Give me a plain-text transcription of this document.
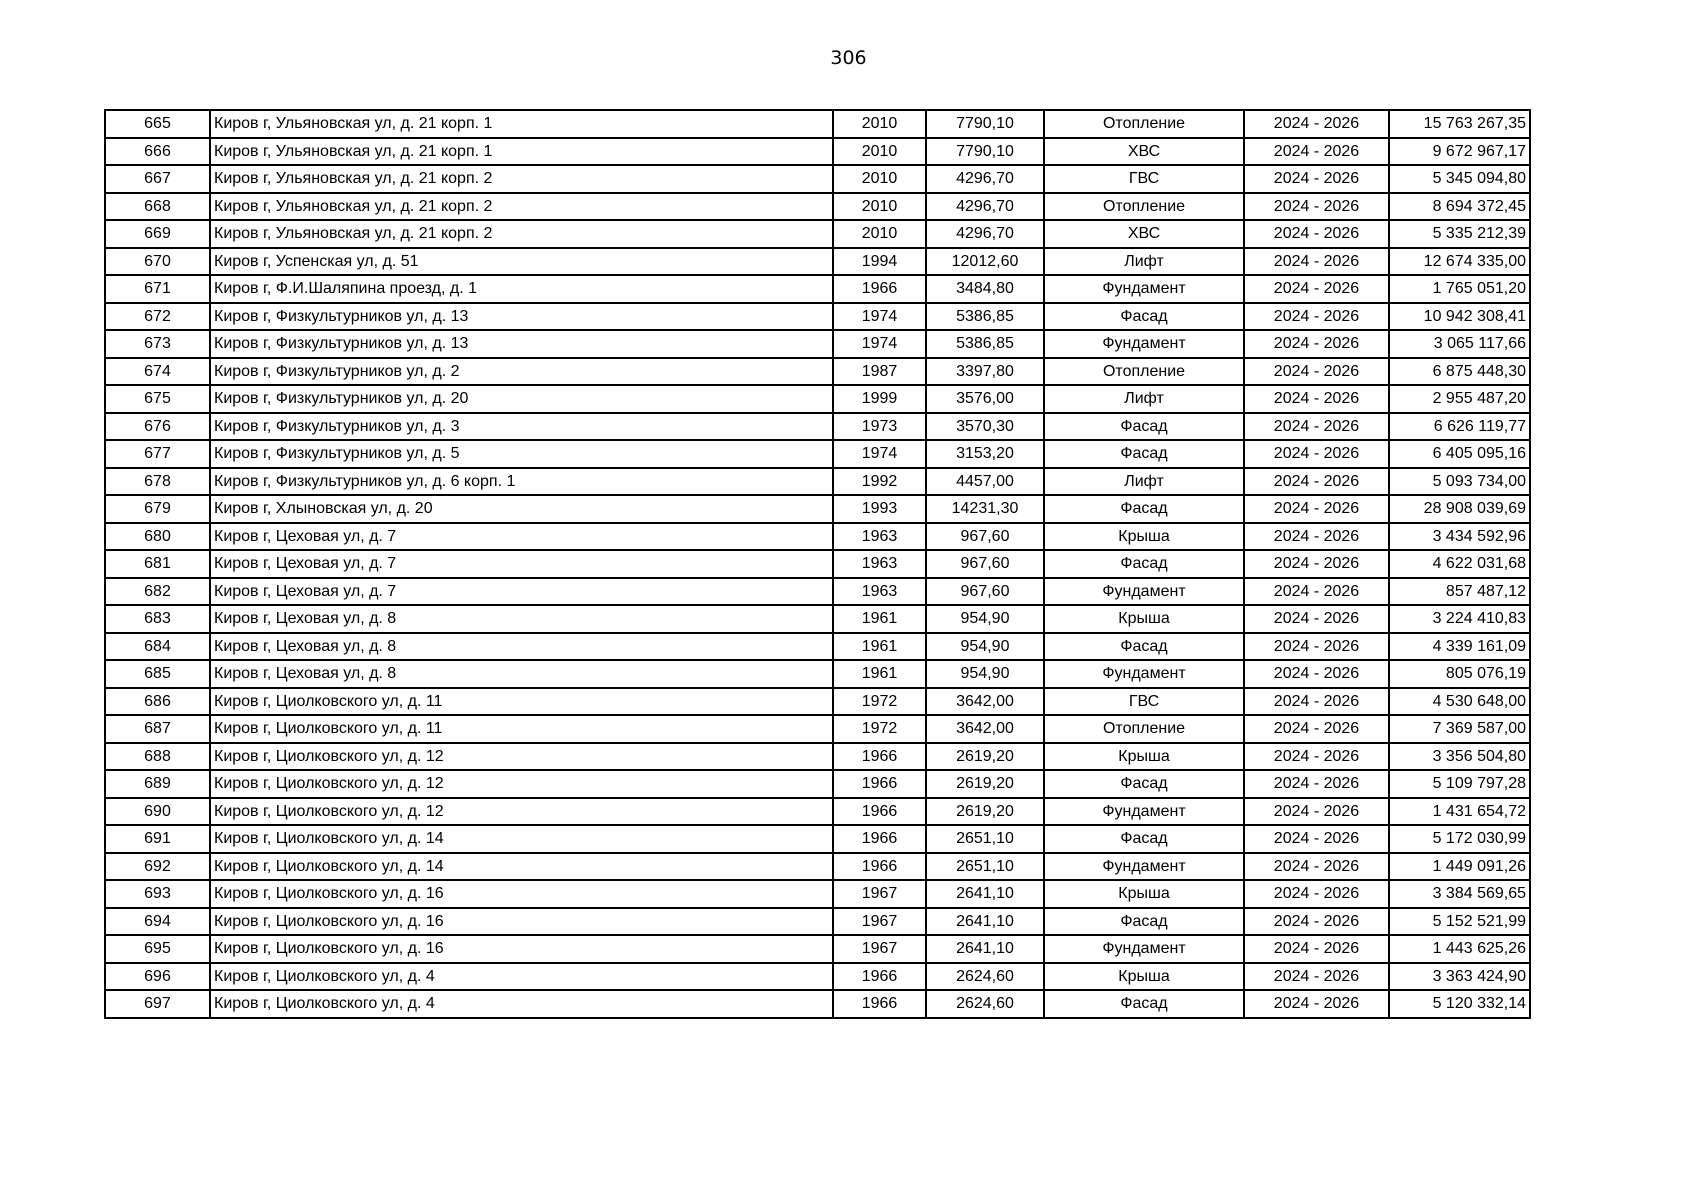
306
665	Киров г, Ульяновская ул, д. 21 корп. 1	2010	7790,10	Отопление	2024 - 2026	15 763 267,35
666	Киров г, Ульяновская ул, д. 21 корп. 1	2010	7790,10	ХВС	2024 - 2026	9 672 967,17
667	Киров г, Ульяновская ул, д. 21 корп. 2	2010	4296,70	ГВС	2024 - 2026	5 345 094,80
668	Киров г, Ульяновская ул, д. 21 корп. 2	2010	4296,70	Отопление	2024 - 2026	8 694 372,45
669	Киров г, Ульяновская ул, д. 21 корп. 2	2010	4296,70	ХВС	2024 - 2026	5 335 212,39
670	Киров г, Успенская ул, д. 51	1994	12012,60	Лифт	2024 - 2026	12 674 335,00
671	Киров г, Ф.И.Шаляпина проезд, д. 1	1966	3484,80	Фундамент	2024 - 2026	1 765 051,20
672	Киров г, Физкультурников ул, д. 13	1974	5386,85	Фасад	2024 - 2026	10 942 308,41
673	Киров г, Физкультурников ул, д. 13	1974	5386,85	Фундамент	2024 - 2026	3 065 117,66
674	Киров г, Физкультурников ул, д. 2	1987	3397,80	Отопление	2024 - 2026	6 875 448,30
675	Киров г, Физкультурников ул, д. 20	1999	3576,00	Лифт	2024 - 2026	2 955 487,20
676	Киров г, Физкультурников ул, д. 3	1973	3570,30	Фасад	2024 - 2026	6 626 119,77
677	Киров г, Физкультурников ул, д. 5	1974	3153,20	Фасад	2024 - 2026	6 405 095,16
678	Киров г, Физкультурников ул, д. 6 корп. 1	1992	4457,00	Лифт	2024 - 2026	5 093 734,00
679	Киров г, Хлыновская ул, д. 20	1993	14231,30	Фасад	2024 - 2026	28 908 039,69
680	Киров г, Цеховая ул, д. 7	1963	967,60	Крыша	2024 - 2026	3 434 592,96
681	Киров г, Цеховая ул, д. 7	1963	967,60	Фасад	2024 - 2026	4 622 031,68
682	Киров г, Цеховая ул, д. 7	1963	967,60	Фундамент	2024 - 2026	857 487,12
683	Киров г, Цеховая ул, д. 8	1961	954,90	Крыша	2024 - 2026	3 224 410,83
684	Киров г, Цеховая ул, д. 8	1961	954,90	Фасад	2024 - 2026	4 339 161,09
685	Киров г, Цеховая ул, д. 8	1961	954,90	Фундамент	2024 - 2026	805 076,19
686	Киров г, Циолковского ул, д. 11	1972	3642,00	ГВС	2024 - 2026	4 530 648,00
687	Киров г, Циолковского ул, д. 11	1972	3642,00	Отопление	2024 - 2026	7 369 587,00
688	Киров г, Циолковского ул, д. 12	1966	2619,20	Крыша	2024 - 2026	3 356 504,80
689	Киров г, Циолковского ул, д. 12	1966	2619,20	Фасад	2024 - 2026	5 109 797,28
690	Киров г, Циолковского ул, д. 12	1966	2619,20	Фундамент	2024 - 2026	1 431 654,72
691	Киров г, Циолковского ул, д. 14	1966	2651,10	Фасад	2024 - 2026	5 172 030,99
692	Киров г, Циолковского ул, д. 14	1966	2651,10	Фундамент	2024 - 2026	1 449 091,26
693	Киров г, Циолковского ул, д. 16	1967	2641,10	Крыша	2024 - 2026	3 384 569,65
694	Киров г, Циолковского ул, д. 16	1967	2641,10	Фасад	2024 - 2026	5 152 521,99
695	Киров г, Циолковского ул, д. 16	1967	2641,10	Фундамент	2024 - 2026	1 443 625,26
696	Киров г, Циолковского ул, д. 4	1966	2624,60	Крыша	2024 - 2026	3 363 424,90
697	Киров г, Циолковского ул, д. 4	1966	2624,60	Фасад	2024 - 2026	5 120 332,14
